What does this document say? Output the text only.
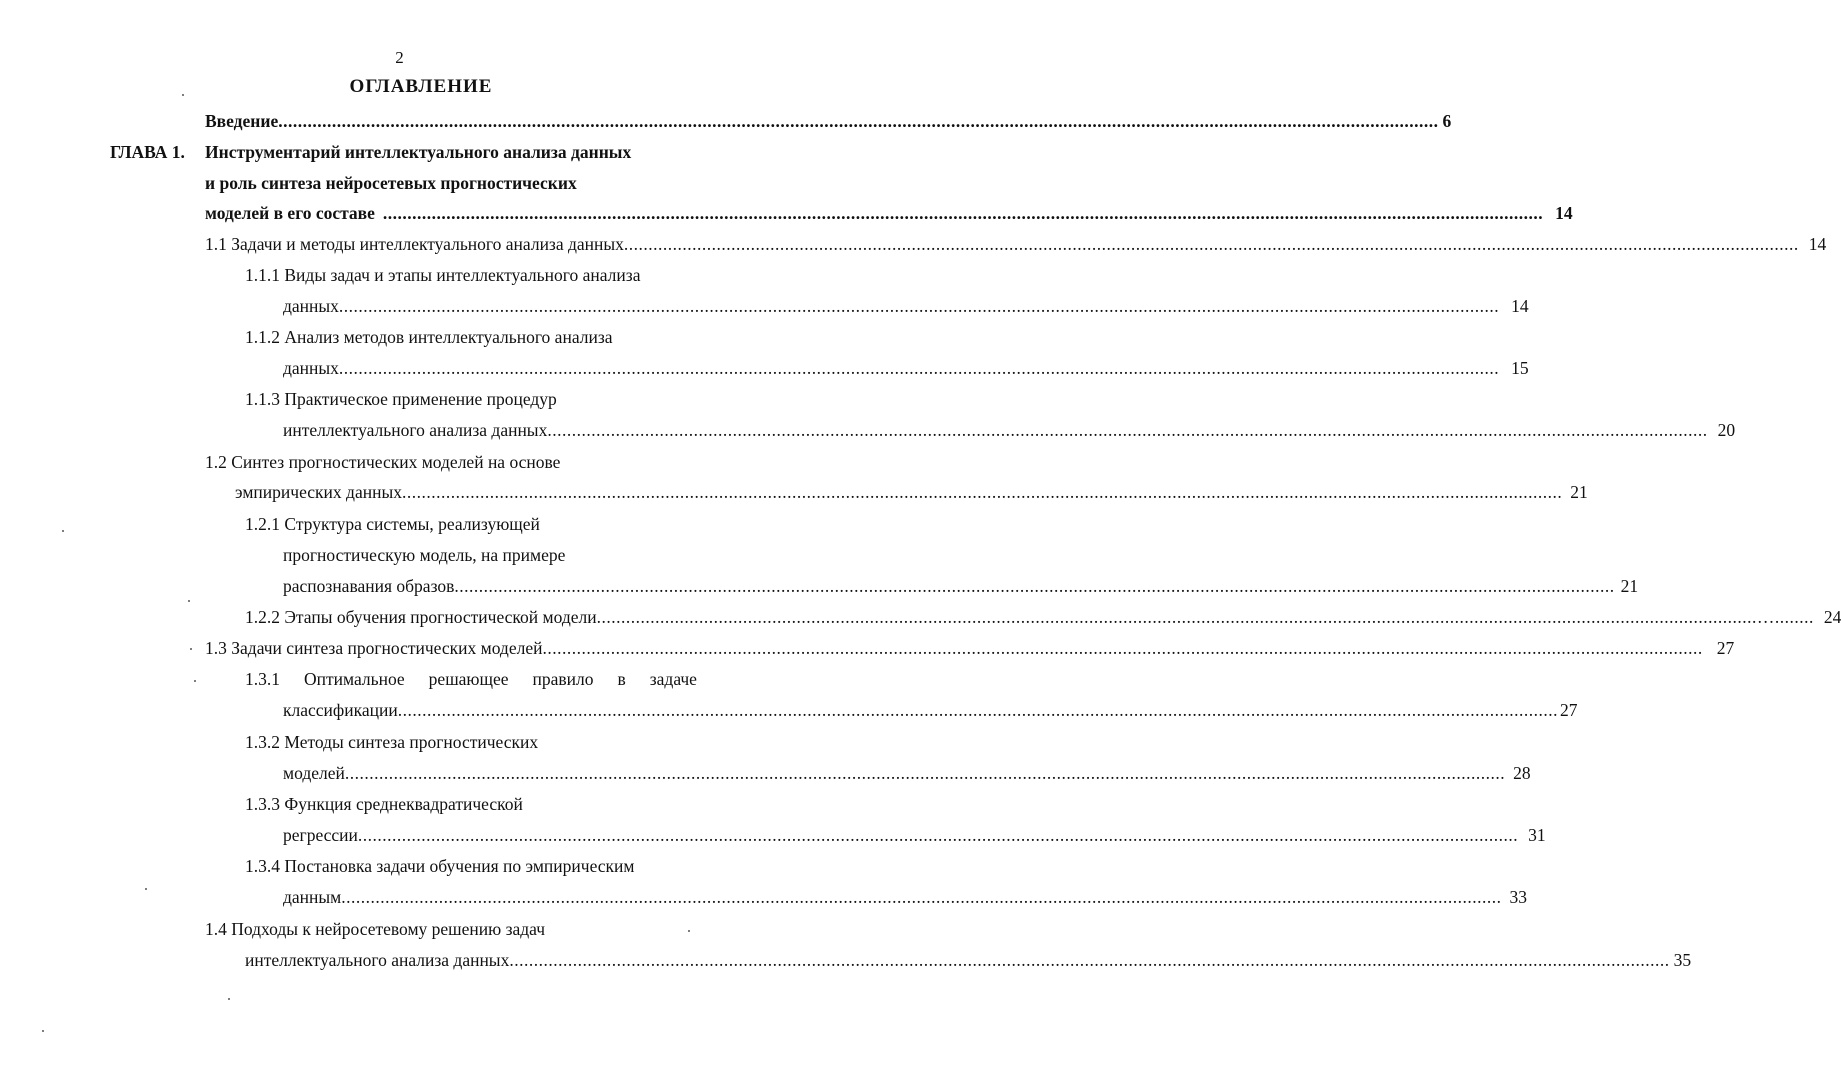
2
ОГЛАВЛЕНИЕ
Введение .....	6
ГЛАВА 1. Инструментарий интеллектуального анализа данных
и роль синтеза нейросетевых прогностических
моделей в его составе .....	14
1.1 Задачи и методы интеллектуального анализа данных	..... ... 14
1.1.1 Виды задач и этапы интеллектуального анализа
данных .....	14
1.1.2 Анализ методов интеллектуального анализа
данных .....	15
1.1.3 Практическое применение процедур
интеллектуального анализа данных .....	20
1.2 Синтез прогностических моделей на основе
эмпирических данных .....	21
1.2.1 Структура системы, реализующей
прогностическую модель, на примере
распознавания образов .....	21
1.2.2 Этапы обучения прогностической модели	..... …........ 24
1.3 Задачи синтеза прогностических моделей .....	27
1.3.1 Оптимальное решающее правило в задаче
классификации .....	27
1.3.2 Методы синтеза прогностических
моделей .....	28
1.3.3 Функция среднеквадратической
регрессии .....	31
1.3.4 Постановка задачи обучения по эмпирическим
данным .....	33
1.4 Подходы к нейросетевому решению задач
интеллектуального анализа данных .....	35
